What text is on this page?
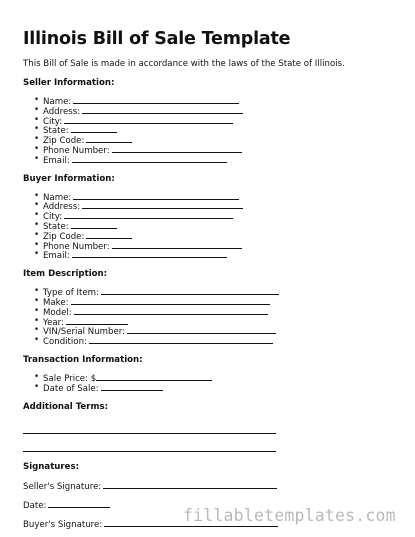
Illinois Bill of Sale Template

This Bill of Sale is made in accordance with the laws of the State of Illinois.

Seller Information:
• Name:
• Address:
• City:
• State:
• Zip Code:
• Phone Number:
• Email:
Buyer Information:
• Name:
• Address:
• City:
• State:
• Zip Code:
• Phone Number:
• Email:
Item Description:
• Type of Item:
• Make:
• Model:
• Year:
• VIN/Serial Number:
• Condition:
Transaction Information:
• Sale Price: $
• Date of Sale:
Additional Terms:
Signatures:
Seller's Signature:
Date:
Buyer's Signature:	fillabletemplates.com
